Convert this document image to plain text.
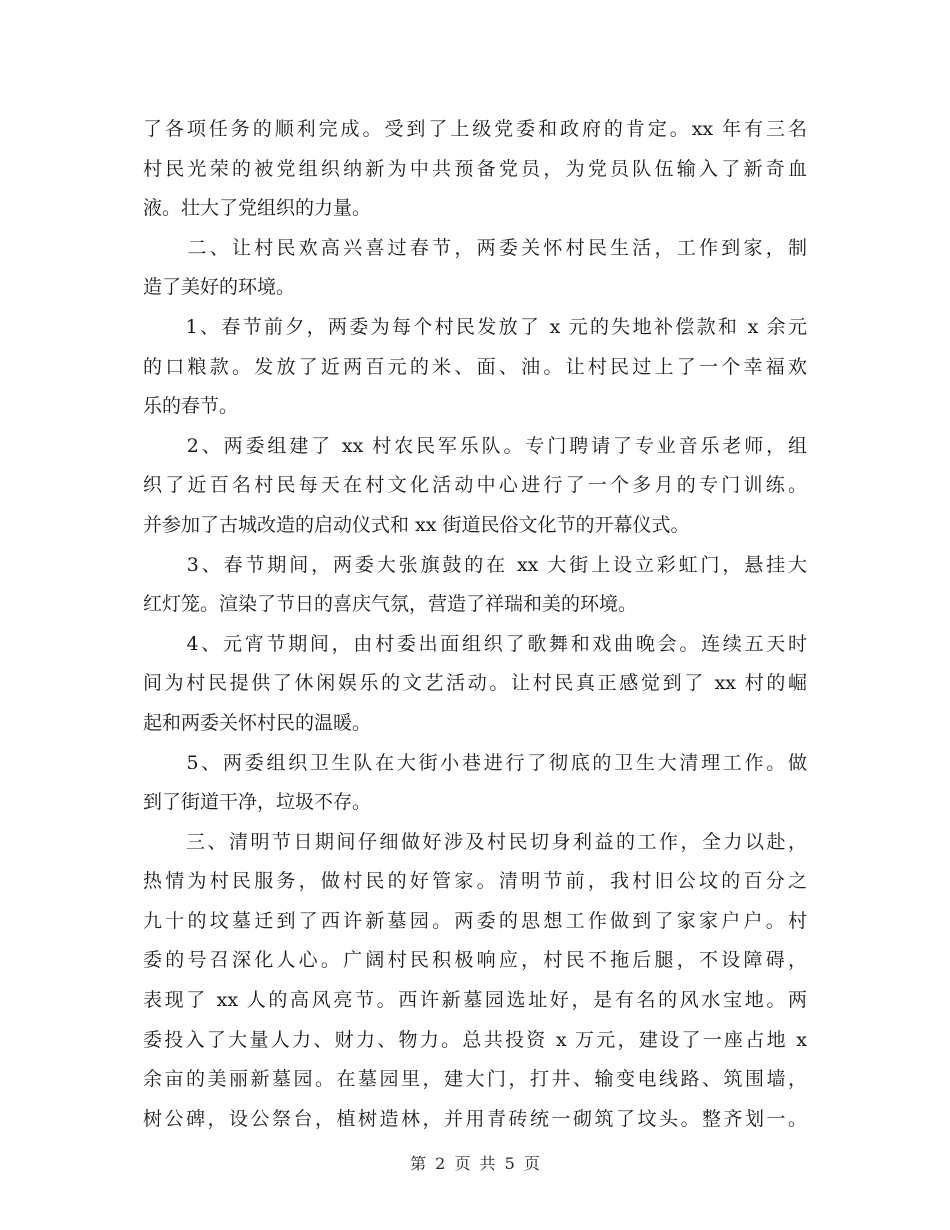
了各项任务的顺利完成。受到了上级党委和政府的肯定。xx 年有三名
村民光荣的被党组织纳新为中共预备党员，为党员队伍输入了新奇血
液。壮大了党组织的力量。
　　二、让村民欢高兴喜过春节，两委关怀村民生活，工作到家，制
造了美好的环境。
　　1、春节前夕，两委为每个村民发放了 x 元的失地补偿款和 x 余元
的口粮款。发放了近两百元的米、面、油。让村民过上了一个幸福欢
乐的春节。
　　2、两委组建了 xx 村农民军乐队。专门聘请了专业音乐老师，组
织了近百名村民每天在村文化活动中心进行了一个多月的专门训练。
并参加了古城改造的启动仪式和 xx 街道民俗文化节的开幕仪式。
　　3、春节期间，两委大张旗鼓的在 xx 大街上设立彩虹门，悬挂大
红灯笼。渲染了节日的喜庆气氛，营造了祥瑞和美的环境。
　　4、元宵节期间，由村委出面组织了歌舞和戏曲晚会。连续五天时
间为村民提供了休闲娱乐的文艺活动。让村民真正感觉到了 xx 村的崛
起和两委关怀村民的温暖。
　　5、两委组织卫生队在大街小巷进行了彻底的卫生大清理工作。做
到了街道干净，垃圾不存。
　　三、清明节日期间仔细做好涉及村民切身利益的工作，全力以赴，
热情为村民服务，做村民的好管家。清明节前，我村旧公坟的百分之
九十的坟墓迁到了西许新墓园。两委的思想工作做到了家家户户。村
委的号召深化人心。广阔村民积极响应，村民不拖后腿，不设障碍，
表现了 xx 人的高风亮节。西许新墓园选址好，是有名的风水宝地。两
委投入了大量人力、财力、物力。总共投资 x 万元，建设了一座占地 x
余亩的美丽新墓园。在墓园里，建大门，打井、输变电线路、筑围墙，
树公碑，设公祭台，植树造林，并用青砖统一砌筑了坟头。整齐划一。
第 2 页 共 5 页
